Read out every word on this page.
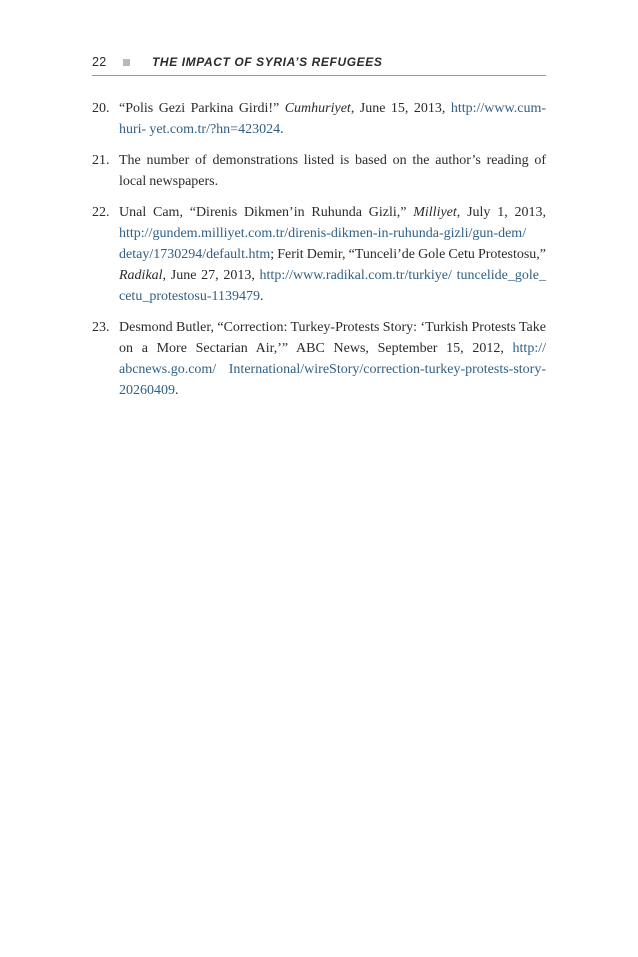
22	THE IMPACT OF SYRIA’S REFUGEES
20. “Polis Gezi Parkina Girdi!” Cumhuriyet, June 15, 2013, http://www.cum-huri- yet.com.tr/?hn=423024.
21. The number of demonstrations listed is based on the author’s reading of local newspapers.
22. Unal Cam, “Direnis Dikmen’in Ruhunda Gizli,” Milliyet, July 1, 2013, http://gundem.milliyet.com.tr/direnis-dikmen-in-ruhunda-gizli/gun-dem/ detay/1730294/default.htm; Ferit Demir, “Tunceli’de Gole Cetu Protestosu,” Radikal, June 27, 2013, http://www.radikal.com.tr/turkiye/ tuncelide_gole_ cetu_protestosu-1139479.
23. Desmond Butler, “Correction: Turkey-Protests Story: ‘Turkish Protests Take on a More Sectarian Air,’” ABC News, September 15, 2012, http:// abcnews.go.com/ International/wireStory/correction-turkey-protests-story-20260409.
